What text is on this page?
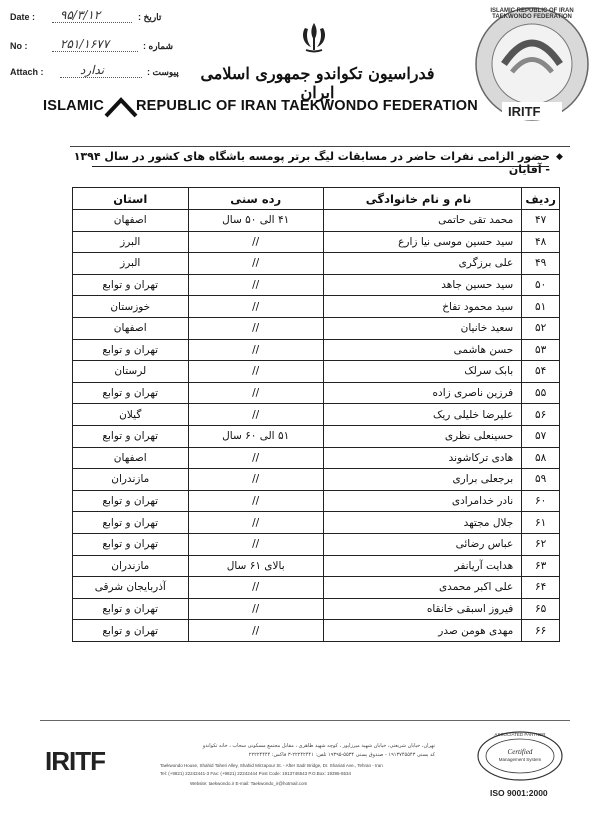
Date : ۹۵/۳/۱۲	: تاریخ
No :	۲۵۱/۱۶۷۷	: شماره
Attach :	ندارد	: پیوست	فدراسیون تکواندو جمهوری اسلامی ایران
ISLAMIC REPUBLIC OF IRAN TAEKWONDO FEDERATION
ISLAMIC REPUBLIC OF IRAN TAEKWONDO FEDERATION
IRITF
◆
حضور الزامی نفرات حاضر در مسابقات لیگ برتر پومسه باشگاه های کشور در سال ۱۳۹۴ - آقایان
ردیف	نام و نام خانوادگی	رده سنی	استان
۴۷	محمد تقی حاتمی	۴۱ الی ۵۰ سال	اصفهان
۴۸	سید حسین موسی نیا زارع	//	البرز
۴۹	علی برزگری	//	البرز
۵۰	سید حسین جاهد	//	تهران و توابع
۵۱	سید محمود تفاخ	//	خوزستان
۵۲	سعید خانیان	//	اصفهان
۵۳	حسن هاشمی	//	تهران و توابع
۵۴	بابک سرلک	//	لرستان
۵۵	فرزین ناصری زاده	//	تهران و توابع
۵۶	علیرضا خلیلی ریک	//	گیلان
۵۷	حسینعلی نظری	۵۱ الی ۶۰ سال	تهران و توابع
۵۸	هادی ترکاشوند	//	اصفهان
۵۹	برجعلی براری	//	مازندران
۶۰	نادر خدامرادی	//	تهران و توابع
۶۱	جلال مجتهد	//	تهران و توابع
۶۲	عباس رضائی	//	تهران و توابع
۶۳	هدایت آریانفر	بالای ۶۱ سال	مازندران
۶۴	علی اکبر محمدی	//	آذربایجان شرقی
۶۵	فیروز اسبقی خانقاه	//	تهران و توابع
۶۶	مهدی هومن صدر	//	تهران و توابع
IRITF	تهران، خیابان شریعتی، خیابان شهید میرزاپور ، کوچه شهید طاهری ، مقابل مجتمع مسکونی سحاب ، خانه تکواندو
کد پستی ۱۹۱۳۷۴۵۵۴۳ - صندوق پستی ۵۵۳۴-۱۹۳۹۵ تلفن: ۲۲۲۴۲۴۴۱-۳ فاکس: ۲۲۲۲۴۴۴۴
Taekwondo House, Shahid Taheri Alley, Shahid Mirzapour St. - After Sadr Bridge, Dr. Shariati Ave., Tehran - Iran
Tel: (+9821) 22242441-3 Fax: (+9821) 22242444 Post Code: 1913745543 P.O.Box: 19395-5534
Website: taekwondo.ir E-mail: Taekwondo_ir@hotmail.com
ASSOCIATED PARTNER
Certified
Management System
ISO 9001:2000
